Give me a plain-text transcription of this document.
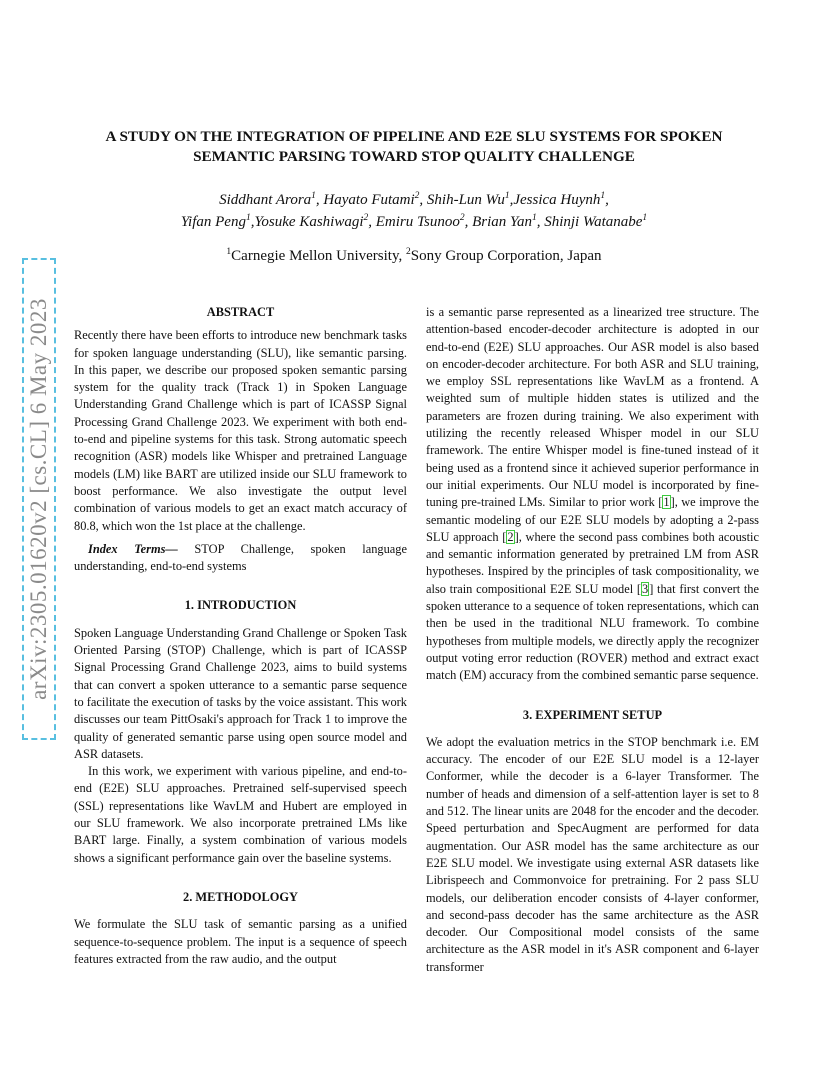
arXiv:2305.01620v2 [cs.CL] 6 May 2023
A STUDY ON THE INTEGRATION OF PIPELINE AND E2E SLU SYSTEMS FOR SPOKEN
SEMANTIC PARSING TOWARD STOP QUALITY CHALLENGE
Siddhant Arora$^1$, Hayato Futami$^2$, Shih-Lun Wu$^1$,Jessica Huynh$^1$,
Yifan Peng$^1$,Yosuke Kashiwagi$^2$, Emiru Tsunoo$^2$, Brian Yan$^1$, Shinji Watanabe$^1$
$^1$Carnegie Mellon University, $^2$Sony Group Corporation, Japan

ABSTRACT

Recently there have been efforts to introduce new benchmark tasks for spoken language understanding (SLU), like semantic parsing. In this paper, we describe our proposed spoken semantic parsing system for the quality track (Track 1) in Spoken Language Understanding Grand Challenge which is part of ICASSP Signal Processing Grand Challenge 2023. We experiment with both end-to-end and pipeline systems for this task. Strong automatic speech recognition (ASR) models like Whisper and pretrained Language models (LM) like BART are utilized inside our SLU framework to boost performance. We also investigate the output level combination of various models to get an exact match accuracy of 80.8, which won the 1st place at the challenge.

Index Terms— STOP Challenge, spoken language understanding, end-to-end systems

1. INTRODUCTION

Spoken Language Understanding Grand Challenge or Spoken Task Oriented Parsing (STOP) Challenge, which is part of ICASSP Signal Processing Grand Challenge 2023, aims to build systems that can convert a spoken utterance to a semantic parse sequence to facilitate the execution of tasks by the voice assistant. This work discusses our team PittOsaki's approach for Track 1 to improve the quality of generated semantic parse using open source model and ASR datasets.

In this work, we experiment with various pipeline, and end-to-end (E2E) SLU approaches. Pretrained self-supervised speech (SSL) representations like WavLM and Hubert are employed in our SLU framework. We also incorporate pretrained LMs like BART large. Finally, a system combination of various models shows a significant performance gain over the baseline systems.

2. METHODOLOGY

We formulate the SLU task of semantic parsing as a unified sequence-to-sequence problem. The input is a sequence of speech features extracted from the raw audio, and the output

is a semantic parse represented as a linearized tree structure. The attention-based encoder-decoder architecture is adopted in our end-to-end (E2E) SLU approaches. Our ASR model is also based on encoder-decoder architecture. For both ASR and SLU training, we employ SSL representations like WavLM as a frontend. A weighted sum of multiple hidden states is utilized and the parameters are frozen during training. We also experiment with utilizing the recently released Whisper model in our SLU framework. The entire Whisper model is fine-tuned instead of it being used as a frontend since it achieved superior performance in our initial experiments. Our NLU model is incorporated by fine-tuning pre-trained LMs. Similar to prior work [1], we improve the semantic modeling of our E2E SLU models by adopting a 2-pass SLU approach [2], where the second pass combines both acoustic and semantic information generated by pretrained LM from ASR hypotheses. Inspired by the principles of task compositionality, we also train compositional E2E SLU model [3] that first convert the spoken utterance to a sequence of token representations, which can then be used in the traditional NLU framework. To combine hypotheses from multiple models, we directly apply the recognizer output voting error reduction (ROVER) method and extract exact match (EM) accuracy from the combined semantic parse sequence.

3. EXPERIMENT SETUP

We adopt the evaluation metrics in the STOP benchmark i.e. EM accuracy. The encoder of our E2E SLU model is a 12-layer Conformer, while the decoder is a 6-layer Transformer. The number of heads and dimension of a self-attention layer is set to 8 and 512. The linear units are 2048 for the encoder and the decoder. Speed perturbation and SpecAugment are performed for data augmentation. Our ASR model has the same architecture as our E2E SLU model. We investigate using external ASR datasets like Librispeech and Commonvoice for pretraining. For 2 pass SLU models, our deliberation encoder consists of 4-layer conformer, and second-pass decoder has the same architecture as the ASR decoder. Our Compositional model consists of the same architecture as the ASR model in it's ASR component and 6-layer transformer
